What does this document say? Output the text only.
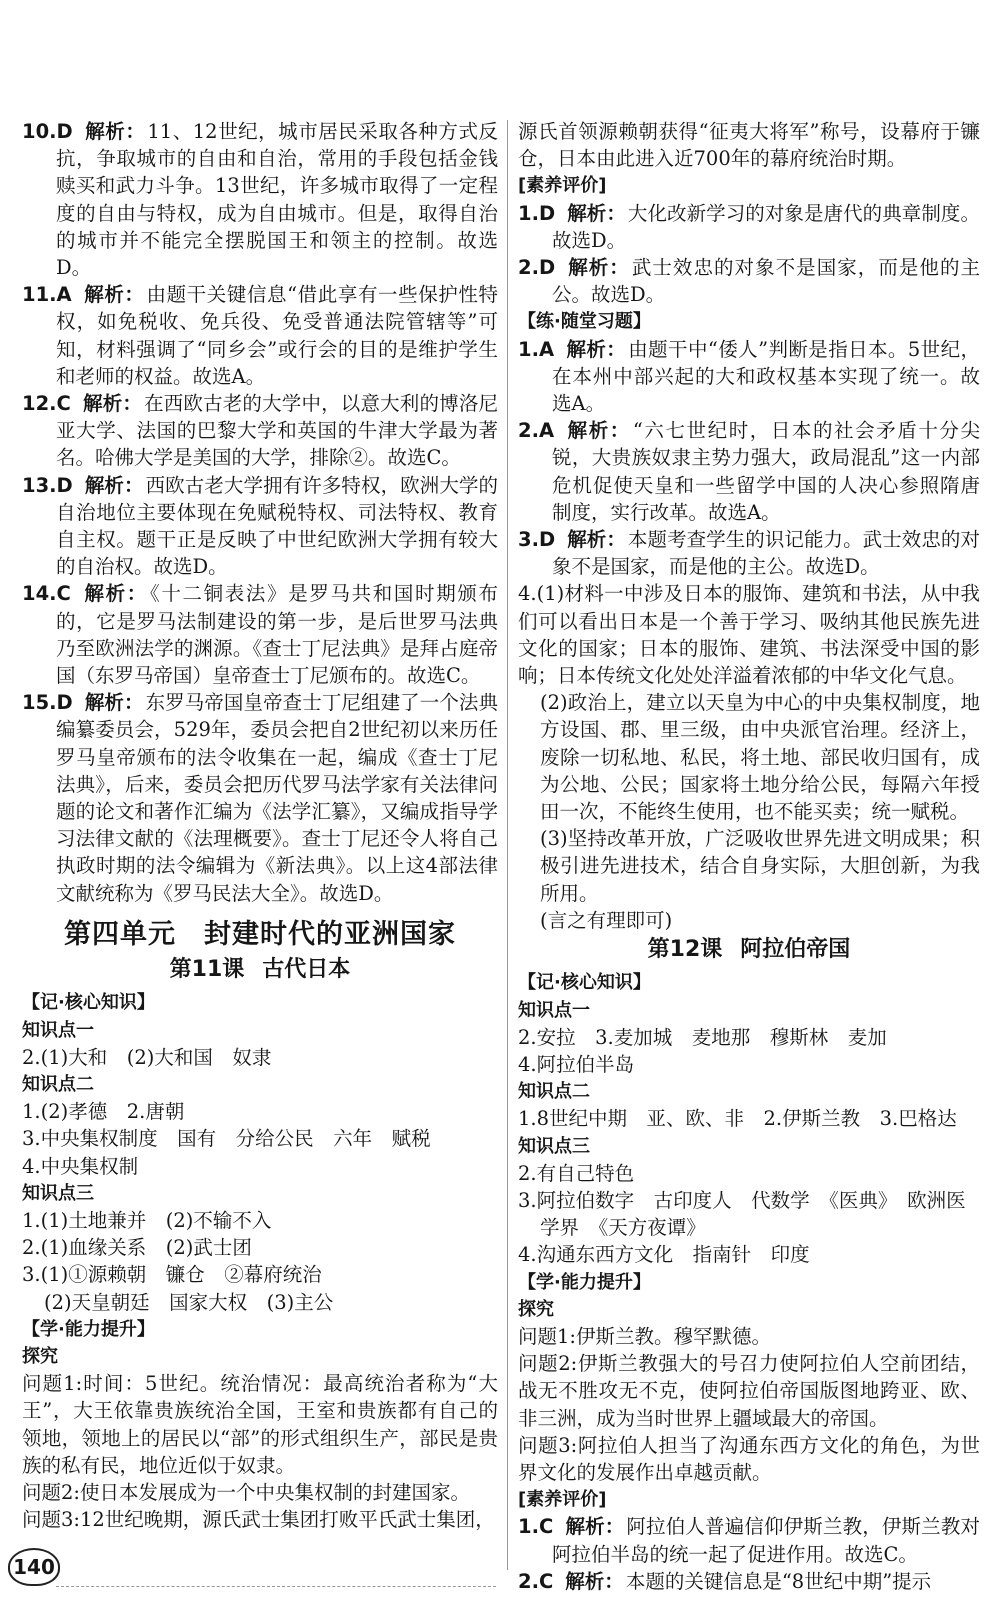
10.D 解析： 11、12世纪，城市居民采取各种方式反抗，争取城市的自由和自治，常用的手段包括金钱赎买和武力斗争。13世纪，许多城市取得了一定程度的自由与特权，成为自由城市。但是，取得自治的城市并不能完全摆脱国王和领主的控制。故选D。

11.A 解析： 由题干关键信息“借此享有一些保护性特权，如免税收、免兵役、免受普通法院管辖等”可知，材料强调了“同乡会”或行会的目的是维护学生和老师的权益。故选A。

12.C 解析： 在西欧古老的大学中，以意大利的博洛尼亚大学、法国的巴黎大学和英国的牛津大学最为著名。哈佛大学是美国的大学，排除②。故选C。

13.D 解析： 西欧古老大学拥有许多特权，欧洲大学的自治地位主要体现在免赋税特权、司法特权、教育自主权。题干正是反映了中世纪欧洲大学拥有较大的自治权。故选D。

14.C 解析： 《十二铜表法》是罗马共和国时期颁布的，它是罗马法制建设的第一步，是后世罗马法典乃至欧洲法学的渊源。《查士丁尼法典》是拜占庭帝国（东罗马帝国）皇帝查士丁尼颁布的。故选C。

15.D 解析： 东罗马帝国皇帝查士丁尼组建了一个法典编纂委员会，529年，委员会把自2世纪初以来历任罗马皇帝颁布的法令收集在一起，编成《查士丁尼法典》，后来，委员会把历代罗马法学家有关法律问题的论文和著作汇编为《法学汇纂》，又编成指导学习法律文献的《法理概要》。查士丁尼还令人将自己执政时期的法令编辑为《新法典》。以上这4部法律文献统称为《罗马民法大全》。故选D。

第四单元　封建时代的亚洲国家
第11课 古代日本

【记·核心知识】

知识点一

2.(1)大和　(2)大和国　奴隶

知识点二

1.(2)孝德　2.唐朝

3.中央集权制度　国有　分给公民　六年　赋税

4.中央集权制

知识点三

1.(1)土地兼并　(2)不输不入

2.(1)血缘关系　(2)武士团

3.(1)①源赖朝　镰仓　②幕府统治

(2)天皇朝廷　国家大权　(3)主公

【学·能力提升】

探究

问题1:时间：5世纪。统治情况：最高统治者称为“大王”，大王依靠贵族统治全国，王室和贵族都有自己的领地，领地上的居民以“部”的形式组织生产，部民是贵族的私有民，地位近似于奴隶。

问题2:使日本发展成为一个中央集权制的封建国家。

问题3:12世纪晚期，源氏武士集团打败平氏武士集团，

源氏首领源赖朝获得“征夷大将军”称号，设幕府于镰仓，日本由此进入近700年的幕府统治时期。

[素养评价]

1.D 解析： 大化改新学习的对象是唐代的典章制度。故选D。

2.D 解析： 武士效忠的对象不是国家，而是他的主公。故选D。

【练·随堂习题】

1.A 解析： 由题干中“倭人”判断是指日本。5世纪，在本州中部兴起的大和政权基本实现了统一。故选A。

2.A 解析： “六七世纪时，日本的社会矛盾十分尖锐，大贵族奴隶主势力强大，政局混乱”这一内部危机促使天皇和一些留学中国的人决心参照隋唐制度，实行改革。故选A。

3.D 解析： 本题考查学生的识记能力。武士效忠的对象不是国家，而是他的主公。故选D。

4.(1)材料一中涉及日本的服饰、建筑和书法，从中我们可以看出日本是一个善于学习、吸纳其他民族先进文化的国家；日本的服饰、建筑、书法深受中国的影响；日本传统文化处处洋溢着浓郁的中华文化气息。

(2)政治上，建立以天皇为中心的中央集权制度，地方设国、郡、里三级，由中央派官治理。经济上，废除一切私地、私民，将土地、部民收归国有，成为公地、公民；国家将土地分给公民，每隔六年授田一次，不能终生使用，也不能买卖；统一赋税。

(3)坚持改革开放，广泛吸收世界先进文明成果；积极引进先进技术，结合自身实际，大胆创新，为我所用。

(言之有理即可)

第12课 阿拉伯帝国

【记·核心知识】

知识点一

2.安拉　3.麦加城　麦地那　穆斯林　麦加

4.阿拉伯半岛

知识点二

1.8世纪中期　亚、欧、非　2.伊斯兰教　3.巴格达

知识点三

2.有自己特色

3.阿拉伯数字　古印度人　代数学　《医典》　欧洲医学界　《天方夜谭》

4.沟通东西方文化　指南针　印度

【学·能力提升】

探究

问题1:伊斯兰教。穆罕默德。

问题2:伊斯兰教强大的号召力使阿拉伯人空前团结，战无不胜攻无不克，使阿拉伯帝国版图地跨亚、欧、非三洲，成为当时世界上疆域最大的帝国。

问题3:阿拉伯人担当了沟通东西方文化的角色，为世界文化的发展作出卓越贡献。

[素养评价]

1.C 解析： 阿拉伯人普遍信仰伊斯兰教，伊斯兰教对阿拉伯半岛的统一起了促进作用。故选C。

2.C 解析： 本题的关键信息是“8世纪中期”提示

140
